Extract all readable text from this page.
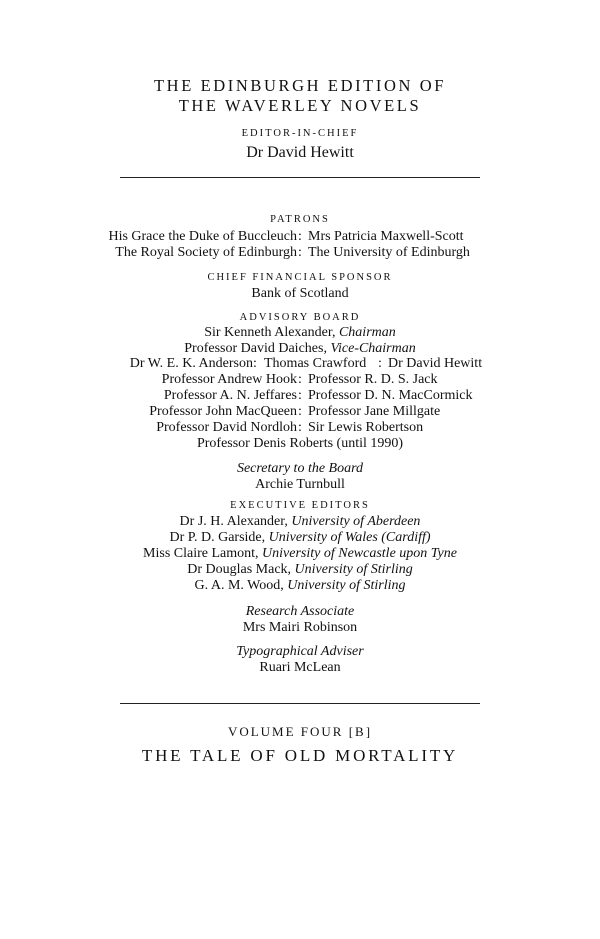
THE EDINBURGH EDITION OF
THE WAVERLEY NOVELS
EDITOR-IN-CHIEF
Dr David Hewitt
PATRONS
His Grace the Duke of Buccleuch : Mrs Patricia Maxwell-Scott
The Royal Society of Edinburgh : The University of Edinburgh
CHIEF FINANCIAL SPONSOR
Bank of Scotland
ADVISORY BOARD
Sir Kenneth Alexander, Chairman
Professor David Daiches, Vice-Chairman
Dr W. E. K. Anderson : Thomas Crawford : Dr David Hewitt
Professor Andrew Hook : Professor R. D. S. Jack
Professor A. N. Jeffares : Professor D. N. MacCormick
Professor John MacQueen : Professor Jane Millgate
Professor David Nordloh : Sir Lewis Robertson
Professor Denis Roberts (until 1990)
Secretary to the Board
Archie Turnbull
EXECUTIVE EDITORS
Dr J. H. Alexander, University of Aberdeen
Dr P. D. Garside, University of Wales (Cardiff)
Miss Claire Lamont, University of Newcastle upon Tyne
Dr Douglas Mack, University of Stirling
G. A. M. Wood, University of Stirling
Research Associate
Mrs Mairi Robinson
Typographical Adviser
Ruari McLean
VOLUME FOUR [B]
THE TALE OF OLD MORTALITY
